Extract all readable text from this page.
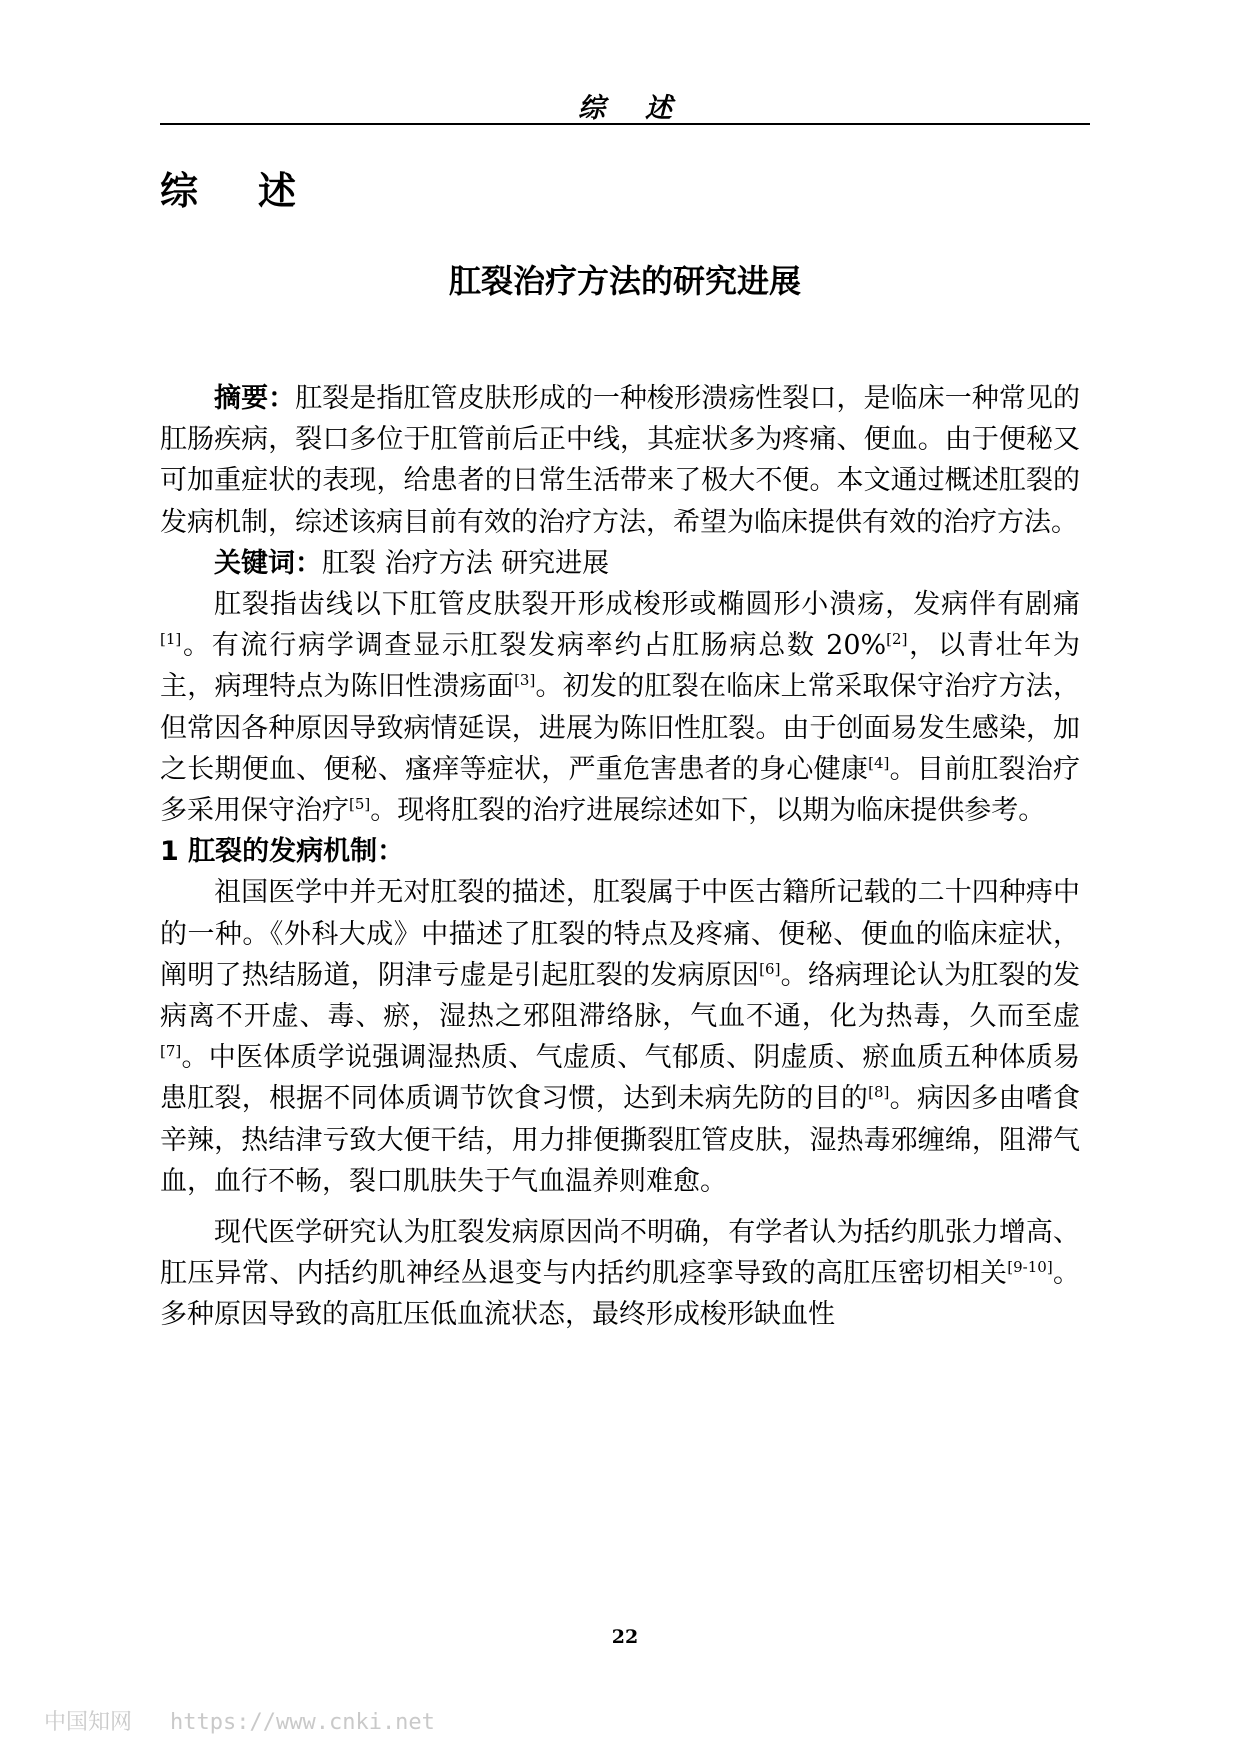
综述
综述
肛裂治疗方法的研究进展

摘要：肛裂是指肛管皮肤形成的一种梭形溃疡性裂口，是临床一种常见的肛肠疾病，裂口多位于肛管前后正中线，其症状多为疼痛、便血。由于便秘又可加重症状的表现，给患者的日常生活带来了极大不便。本文通过概述肛裂的发病机制，综述该病目前有效的治疗方法，希望为临床提供有效的治疗方法。

关键词：肛裂 治疗方法 研究进展

肛裂指齿线以下肛管皮肤裂开形成梭形或椭圆形小溃疡，发病伴有剧痛[1]。有流行病学调查显示肛裂发病率约占肛肠病总数 20%[2]，以青壮年为主，病理特点为陈旧性溃疡面[3]。初发的肛裂在临床上常采取保守治疗方法，但常因各种原因导致病情延误，进展为陈旧性肛裂。由于创面易发生感染，加之长期便血、便秘、瘙痒等症状，严重危害患者的身心健康[4]。目前肛裂治疗多采用保守治疗[5]。现将肛裂的治疗进展综述如下，以期为临床提供参考。

1 肛裂的发病机制：

祖国医学中并无对肛裂的描述，肛裂属于中医古籍所记载的二十四种痔中的一种。《外科大成》中描述了肛裂的特点及疼痛、便秘、便血的临床症状，阐明了热结肠道，阴津亏虚是引起肛裂的发病原因[6]。络病理论认为肛裂的发病离不开虚、毒、瘀，湿热之邪阻滞络脉，气血不通，化为热毒，久而至虚[7]。中医体质学说强调湿热质、气虚质、气郁质、阴虚质、瘀血质五种体质易患肛裂，根据不同体质调节饮食习惯，达到未病先防的目的[8]。病因多由嗜食辛辣，热结津亏致大便干结，用力排便撕裂肛管皮肤，湿热毒邪缠绵，阻滞气血，血行不畅，裂口肌肤失于气血温养则难愈。

现代医学研究认为肛裂发病原因尚不明确，有学者认为括约肌张力增高、肛压异常、内括约肌神经丛退变与内括约肌痉挛导致的高肛压密切相关[9-10]。多种原因导致的高肛压低血流状态，最终形成梭形缺血性

22
中国知网 https://www.cnki.net
